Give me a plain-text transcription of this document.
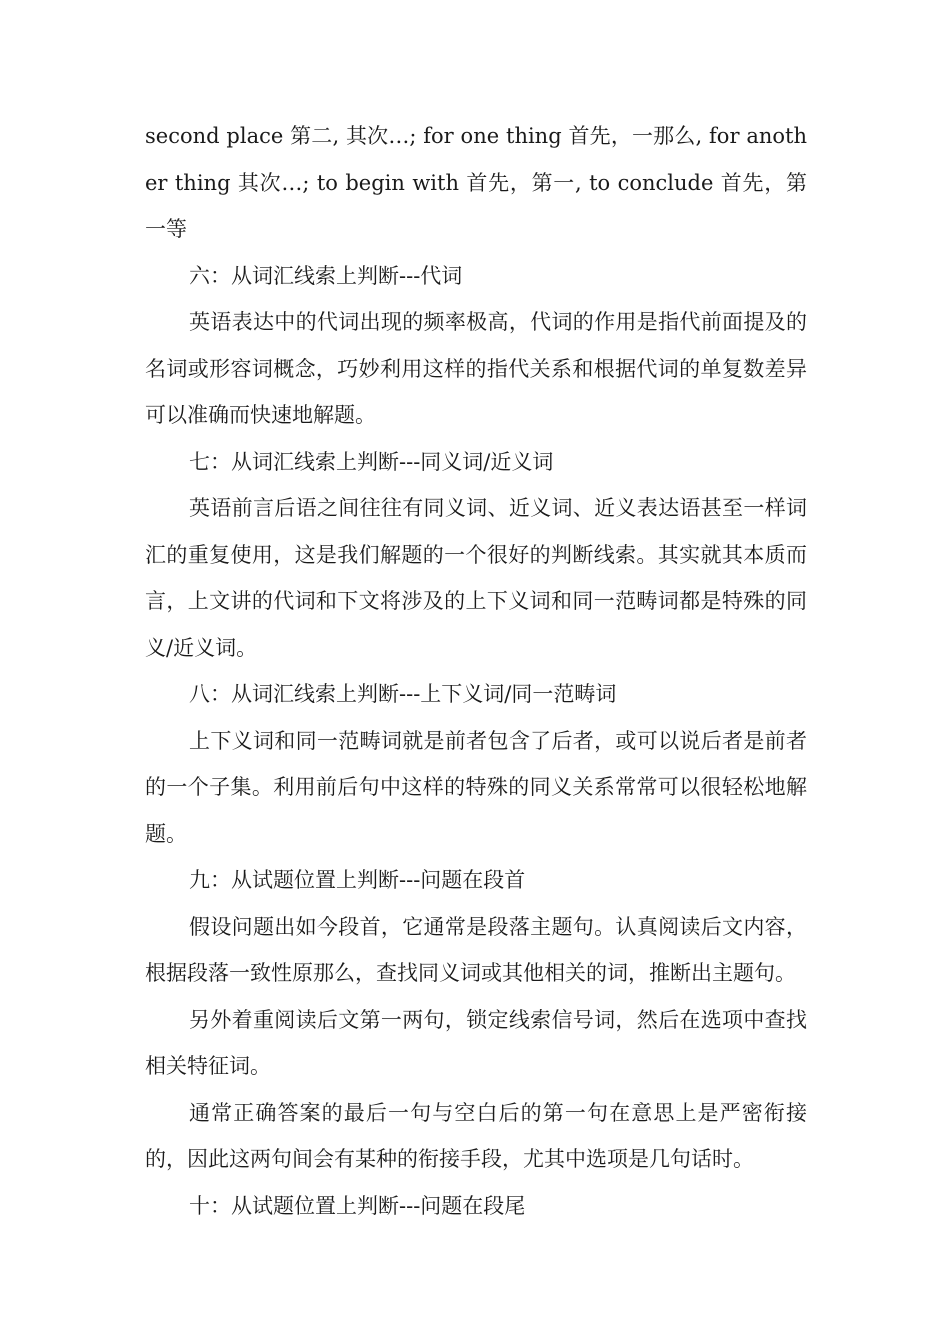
second place 第二, 其次…; for one thing 首先，一那么, for another thing 其次…; to begin with 首先，第一, to conclude 首先，第一等

六：从词汇线索上判断---代词

英语表达中的代词出现的频率极高，代词的作用是指代前面提及的名词或形容词概念，巧妙利用这样的指代关系和根据代词的单复数差异可以准确而快速地解题。

七：从词汇线索上判断---同义词/近义词

英语前言后语之间往往有同义词、近义词、近义表达语甚至一样词汇的重复使用，这是我们解题的一个很好的判断线索。其实就其本质而言，上文讲的代词和下文将涉及的上下义词和同一范畴词都是特殊的同义/近义词。

八：从词汇线索上判断---上下义词/同一范畴词

上下义词和同一范畴词就是前者包含了后者，或可以说后者是前者的一个子集。利用前后句中这样的特殊的同义关系常常可以很轻松地解题。

九：从试题位置上判断---问题在段首

假设问题出如今段首，它通常是段落主题句。认真阅读后文内容，根据段落一致性原那么，查找同义词或其他相关的词，推断出主题句。

另外着重阅读后文第一两句，锁定线索信号词，然后在选项中查找相关特征词。

通常正确答案的最后一句与空白后的第一句在意思上是严密衔接的，因此这两句间会有某种的衔接手段，尤其中选项是几句话时。

十：从试题位置上判断---问题在段尾
